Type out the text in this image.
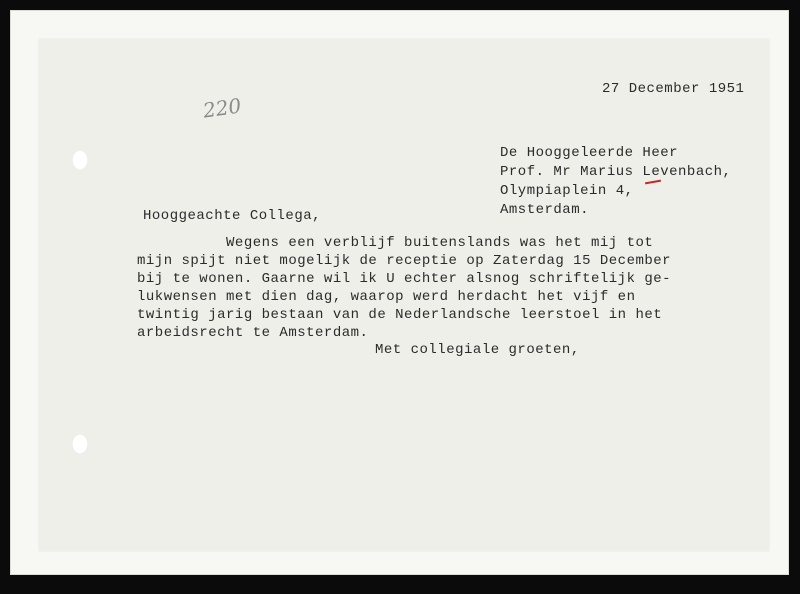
220
27 December 1951
De Hooggeleerde Heer
Prof. Mr Marius Levenbach,
Olympiaplein 4,
Amsterdam.
Hooggeachte Collega,
Wegens een verblijf buitenslands was het mij tot
mijn spijt niet mogelijk de receptie op Zaterdag 15 December
bij te wonen. Gaarne wil ik U echter alsnog schriftelijk ge-
lukwensen met dien dag, waarop werd herdacht het vijf en
twintig jarig bestaan van de Nederlandsche leerstoel in het
arbeidsrecht te Amsterdam.
Met collegiale groeten,
